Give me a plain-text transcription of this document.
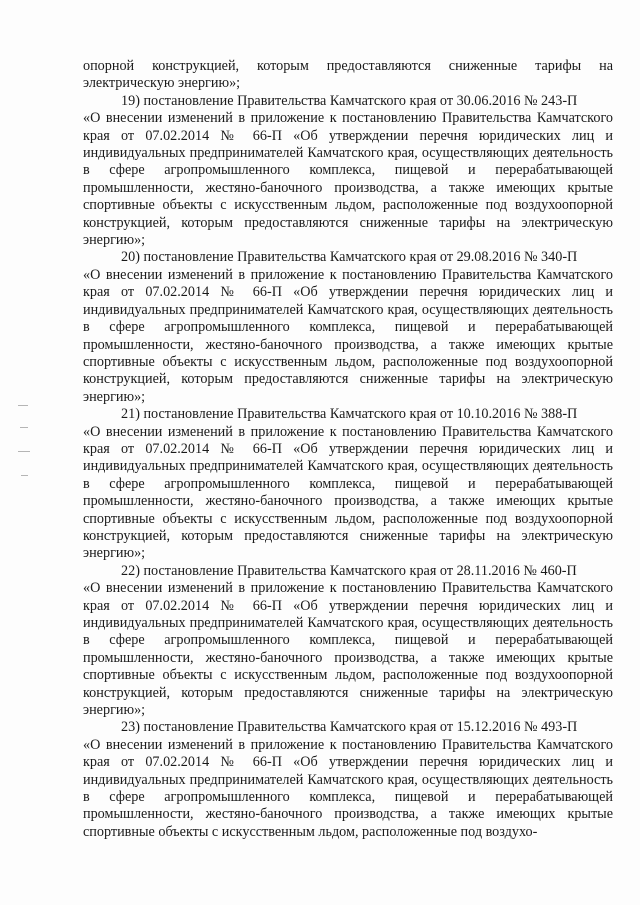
опорной конструкцией, которым предоставляются сниженные тарифы на электрическую энергию»;

19) постановление Правительства Камчатского края от 30.06.2016 № 243-П

«О внесении изменений в приложение к постановлению Правительства Камчатского края от 07.02.2014 № 66-П «Об утверждении перечня юридических лиц и индивидуальных предпринимателей Камчатского края, осуществляющих деятельность в сфере агропромышленного комплекса, пищевой и перерабатывающей промышленности, жестяно-баночного производства, а также имеющих крытые спортивные объекты с искусственным льдом, расположенные под воздухоопорной конструкцией, которым предоставляются сниженные тарифы на электрическую энергию»;

20) постановление Правительства Камчатского края от 29.08.2016 № 340-П

«О внесении изменений в приложение к постановлению Правительства Камчатского края от 07.02.2014 № 66-П «Об утверждении перечня юридических лиц и индивидуальных предпринимателей Камчатского края, осуществляющих деятельность в сфере агропромышленного комплекса, пищевой и перерабатывающей промышленности, жестяно-баночного производства, а также имеющих крытые спортивные объекты с искусственным льдом, расположенные под воздухоопорной конструкцией, которым предоставляются сниженные тарифы на электрическую энергию»;

21) постановление Правительства Камчатского края от 10.10.2016 № 388-П

«О внесении изменений в приложение к постановлению Правительства Камчатского края от 07.02.2014 № 66-П «Об утверждении перечня юридических лиц и индивидуальных предпринимателей Камчатского края, осуществляющих деятельность в сфере агропромышленного комплекса, пищевой и перерабатывающей промышленности, жестяно-баночного производства, а также имеющих крытые спортивные объекты с искусственным льдом, расположенные под воздухоопорной конструкцией, которым предоставляются сниженные тарифы на электрическую энергию»;

22) постановление Правительства Камчатского края от 28.11.2016 № 460-П

«О внесении изменений в приложение к постановлению Правительства Камчатского края от 07.02.2014 № 66-П «Об утверждении перечня юридических лиц и индивидуальных предпринимателей Камчатского края, осуществляющих деятельность в сфере агропромышленного комплекса, пищевой и перерабатывающей промышленности, жестяно-баночного производства, а также имеющих крытые спортивные объекты с искусственным льдом, расположенные под воздухоопорной конструкцией, которым предоставляются сниженные тарифы на электрическую энергию»;

23) постановление Правительства Камчатского края от 15.12.2016 № 493-П

«О внесении изменений в приложение к постановлению Правительства Камчатского края от 07.02.2014 № 66-П «Об утверждении перечня юридических лиц и индивидуальных предпринимателей Камчатского края, осуществляющих деятельность в сфере агропромышленного комплекса, пищевой и перерабатывающей промышленности, жестяно-баночного производства, а также имеющих крытые спортивные объекты с искусственным льдом, расположенные под воздухо-
